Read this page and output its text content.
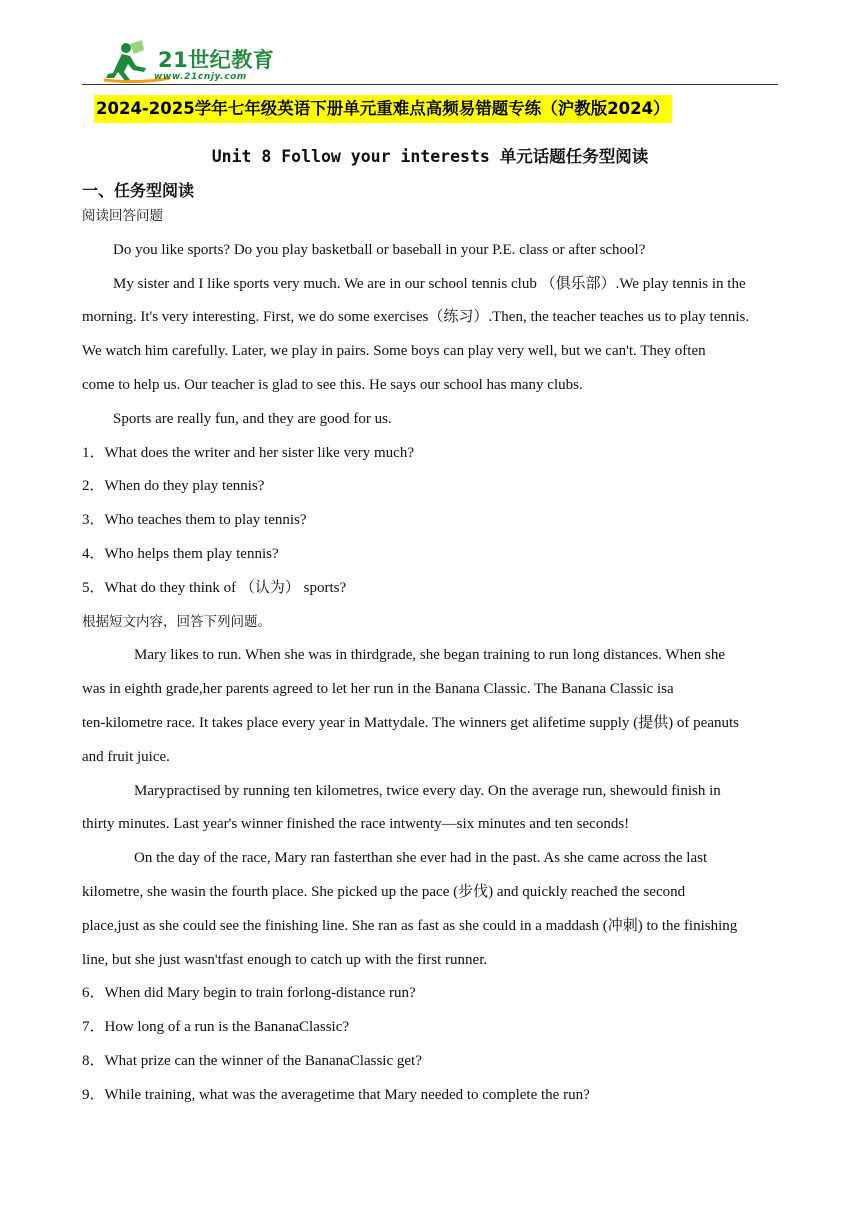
21世纪教育
www.21cnjy.com
2024-2025学年七年级英语下册单元重难点高频易错题专练（沪教版2024）
Unit 8 Follow your interests 单元话题任务型阅读
一、任务型阅读

阅读回答问题

Do you like sports? Do you play basketball or baseball in your P.E. class or after school?

My sister and I like sports very much. We are in our school tennis club （俱乐部）.We play tennis in the

morning. It's very interesting. First, we do some exercises（练习）.Then, the teacher teaches us to play tennis.

We watch him carefully. Later, we play in pairs. Some boys can play very well, but we can't. They often

come to help us. Our teacher is glad to see this. He says our school has many clubs.

Sports are really fun, and they are good for us.

1．What does the writer and her sister like very much?

2．When do they play tennis?

3．Who teaches them to play tennis?

4．Who helps them play tennis?

5．What do they think of （认为） sports?

根据短文内容，回答下列问题。

Mary likes to run. When she was in thirdgrade, she began training to run long distances. When she

was in eighth grade,her parents agreed to let her run in the Banana Classic. The Banana Classic isa

ten-kilometre race. It takes place every year in Mattydale. The winners get alifetime supply (提供) of peanuts

and fruit juice.

Marypractised by running ten kilometres, twice every day. On the average run, shewould finish in

thirty minutes. Last year's winner finished the race intwenty—six minutes and ten seconds!

On the day of the race, Mary ran fasterthan she ever had in the past. As she came across the last

kilometre, she wasin the fourth place. She picked up the pace (步伐) and quickly reached the second

place,just as she could see the finishing line. She ran as fast as she could in a maddash (冲刺) to the finishing

line, but she just wasn'tfast enough to catch up with the first runner.

6．When did Mary begin to train forlong-distance run?

7．How long of a run is the BananaClassic?

8．What prize can the winner of the BananaClassic get?

9．While training, what was the averagetime that Mary needed to complete the run?
